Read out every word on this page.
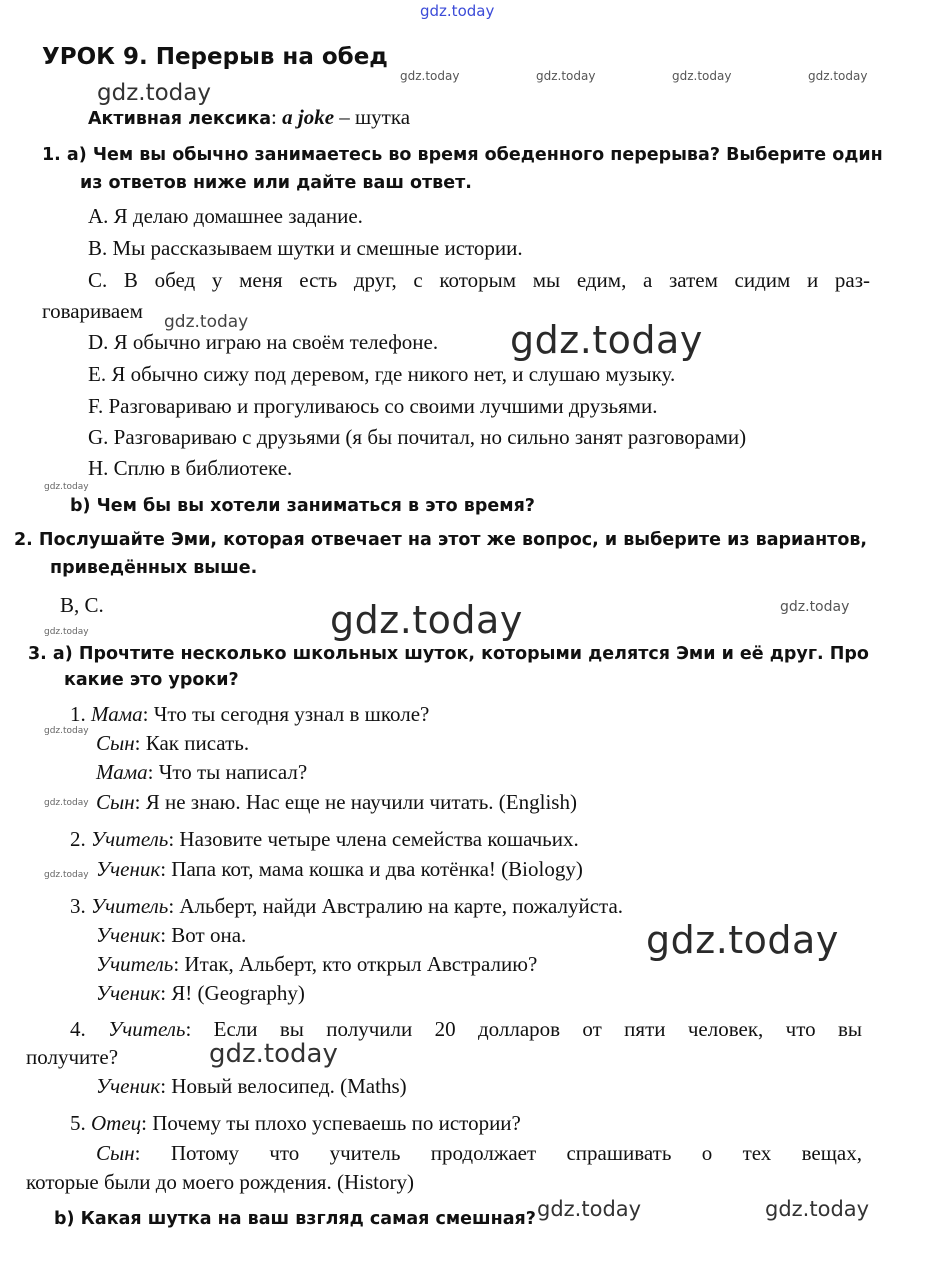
gdz.today
gdz.today	gdz.today	gdz.today	gdz.today
gdz.today
gdz.today	gdz.today
gdz.today
gdz.today	gdz.today
gdz.today
gdz.today
gdz.today
gdz.today
gdz.today
gdz.today
gdz.today	gdz.today
УРОК 9. Перерыв на обед
Активная лексика: a joke – шутка
1. а) Чем вы обычно занимаетесь во время обеденного перерыва? Выберите один
из ответов ниже или дайте ваш ответ.
A. Я делаю домашнее задание.
B. Мы рассказываем шутки и смешные истории.
C. В обед у меня есть друг, с которым мы едим, а затем сидим и раз-
говариваем
D. Я обычно играю на своём телефоне.
E. Я обычно сижу под деревом, где никого нет, и слушаю музыку.
F. Разговариваю и прогуливаюсь со своими лучшими друзьями.
G. Разговариваю с друзьями (я бы почитал, но сильно занят разговорами)
H. Сплю в библиотеке.
b) Чем бы вы хотели заниматься в это время?
2. Послушайте Эми, которая отвечает на этот же вопрос, и выберите из вариантов,
приведённых выше.
B, C.
3. а) Прочтите несколько школьных шуток, которыми делятся Эми и её друг. Про
какие это уроки?
1. Мама: Что ты сегодня узнал в школе?
Сын: Как писать.
Мама: Что ты написал?
Сын: Я не знаю. Нас еще не научили читать. (English)
2. Учитель: Назовите четыре члена семейства кошачьих.
Ученик: Папа кот, мама кошка и два котёнка! (Biology)
3. Учитель: Альберт, найди Австралию на карте, пожалуйста.
Ученик: Вот она.
Учитель: Итак, Альберт, кто открыл Австралию?
Ученик: Я! (Geography)
4. Учитель: Если вы получили 20 долларов от пяти человек, что вы
получите?
Ученик: Новый велосипед. (Maths)
5. Отец: Почему ты плохо успеваешь по истории?
Сын: Потому что учитель продолжает спрашивать о тех вещах,
которые были до моего рождения. (History)
b) Какая шутка на ваш взгляд самая смешная?
